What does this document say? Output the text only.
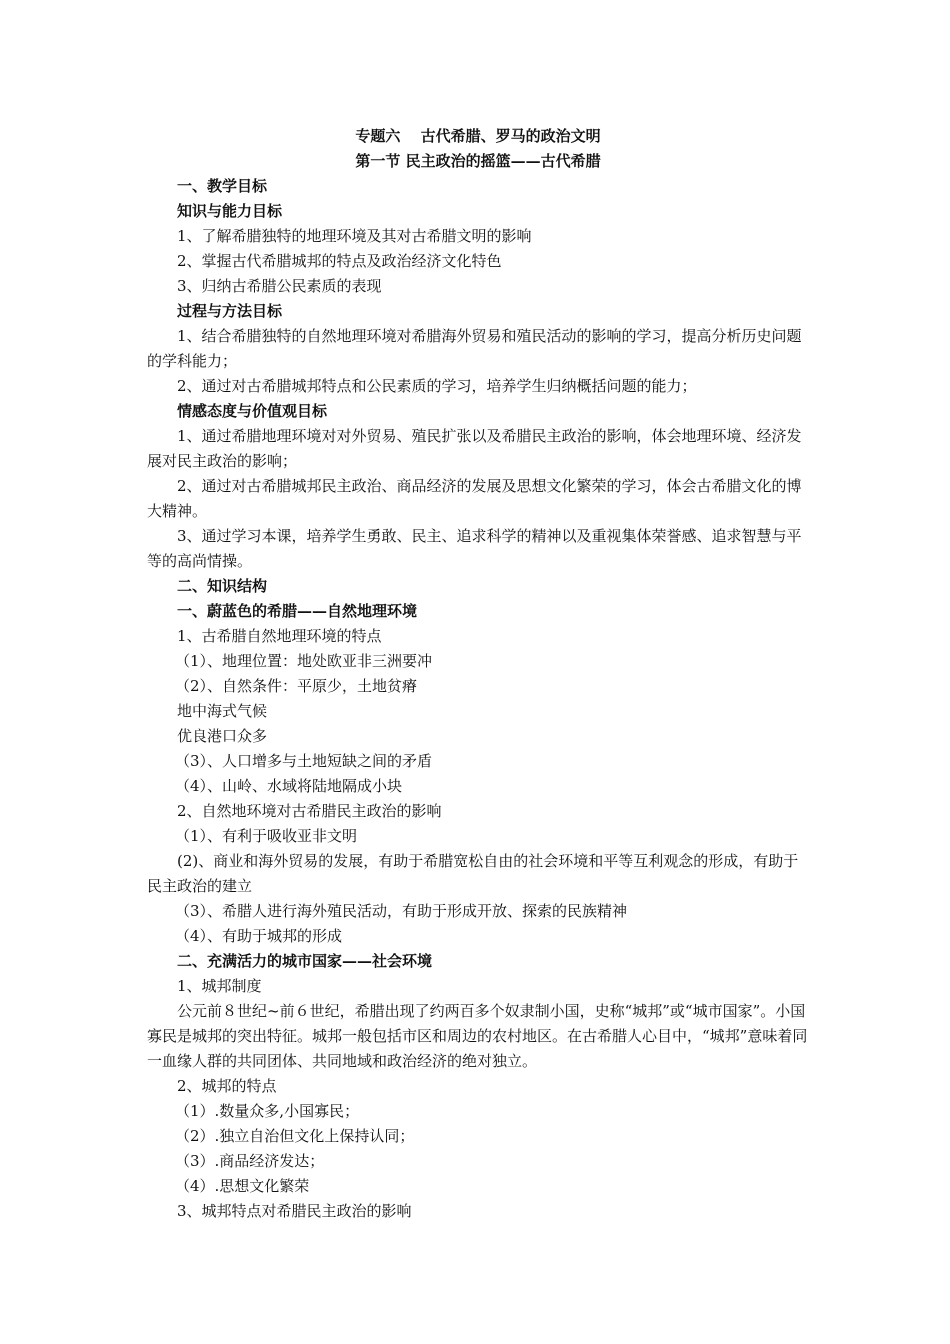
专题六　 古代希腊、罗马的政治文明

第一节 民主政治的摇篮——古代希腊

一、教学目标

知识与能力目标

1、了解希腊独特的地理环境及其对古希腊文明的影响

2、掌握古代希腊城邦的特点及政治经济文化特色

3、归纳古希腊公民素质的表现

过程与方法目标

1、结合希腊独特的自然地理环境对希腊海外贸易和殖民活动的影响的学习，提高分析历史问题的学科能力；

2、通过对古希腊城邦特点和公民素质的学习，培养学生归纳概括问题的能力；

情感态度与价值观目标

1、通过希腊地理环境对对外贸易、殖民扩张以及希腊民主政治的影响，体会地理环境、经济发展对民主政治的影响；

2、通过对古希腊城邦民主政治、商品经济的发展及思想文化繁荣的学习，体会古希腊文化的博大精神。

3、通过学习本课，培养学生勇敢、民主、追求科学的精神以及重视集体荣誉感、追求智慧与平等的高尚情操。

二、知识结构

一、蔚蓝色的希腊——自然地理环境

1、古希腊自然地理环境的特点

（1）、地理位置：地处欧亚非三洲要冲

（2）、自然条件：平原少，土地贫瘠

地中海式气候

优良港口众多

（3）、人口增多与土地短缺之间的矛盾

（4）、山岭、水域将陆地隔成小块

2、自然地环境对古希腊民主政治的影响

（1）、有利于吸收亚非文明

(2)、商业和海外贸易的发展，有助于希腊宽松自由的社会环境和平等互利观念的形成，有助于民主政治的建立

（3）、希腊人进行海外殖民活动，有助于形成开放、探索的民族精神

（4）、有助于城邦的形成

二、充满活力的城市国家——社会环境

1、城邦制度

公元前８世纪~前６世纪，希腊出现了约两百多个奴隶制小国，史称“城邦”或“城市国家”。小国寡民是城邦的突出特征。城邦一般包括市区和周边的农村地区。在古希腊人心目中，“城邦”意味着同一血缘人群的共同团体、共同地域和政治经济的绝对独立。

2、城邦的特点

（1）.数量众多,小国寡民；

（2）.独立自治但文化上保持认同；

（3）.商品经济发达；

（4）.思想文化繁荣

3、城邦特点对希腊民主政治的影响
